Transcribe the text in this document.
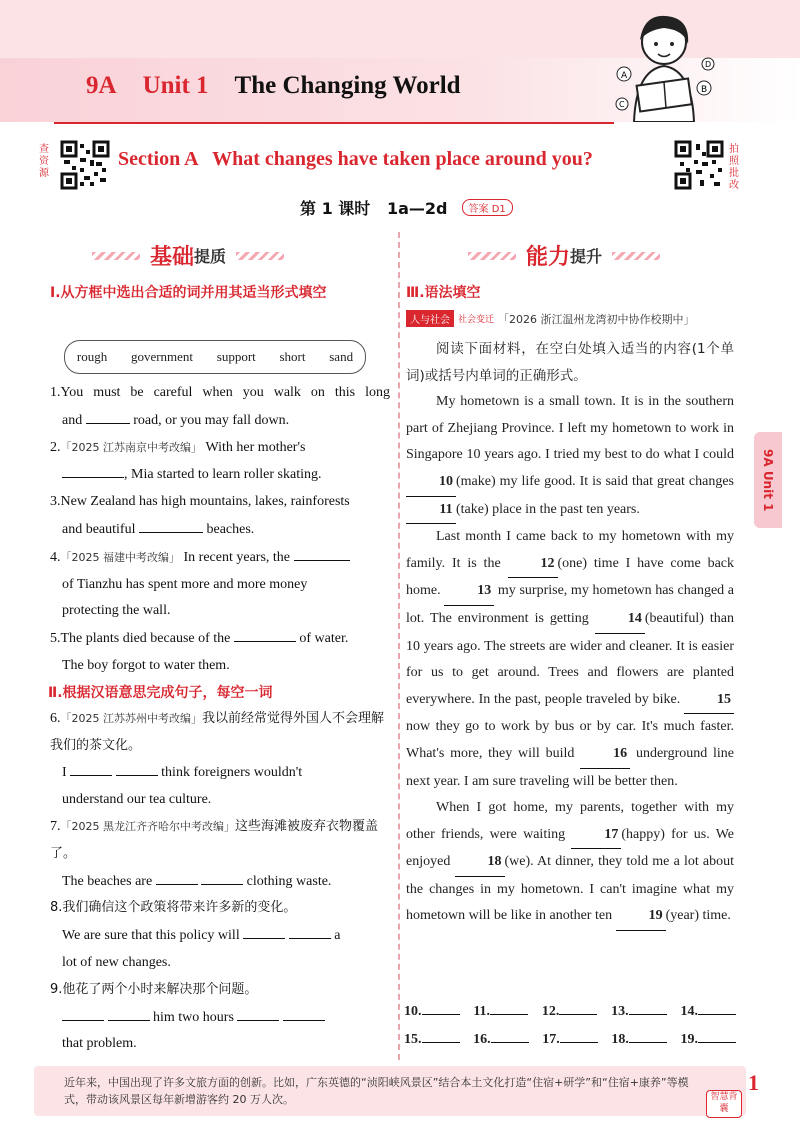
9A Unit 1 The Changing World	A
B
D
C
查资源
Section A   What changes have taken place around you?	拍照批改
第 1 课时   1a—2d	答案 D1
基础 提质
Ⅰ.从方框中选出合适的词并用其适当形式填空
rough government support short sand
1.You must be careful when you walk on this long
and	road, or you may fall down.
2.「2025 江苏南京中考改编」 With her mother's
, Mia started to learn roller skating.
3.New Zealand has high mountains, lakes, rainforests
and beautiful	beaches.
4.「2025 福建中考改编」 In recent years, the
of Tianzhu has spent more and more money
protecting the wall.
5.The plants died because of the	of water.
The boy forgot to water them.
Ⅱ.根据汉语意思完成句子，每空一词
6.「2025 江苏苏州中考改编」我以前经常觉得外国人不会理解我们的茶文化。
I	think foreigners wouldn't
understand our tea culture.
7.「2025 黑龙江齐齐哈尔中考改编」这些海滩被废弃衣物覆盖了。
The beaches are	clothing waste.
8.我们确信这个政策将带来许多新的变化。
We are sure that this policy will	a
lot of new changes.
9.他花了两个小时来解决那个问题。
him two hours
that problem.
能力 提升
Ⅲ.语法填空
人与社会 社会变迁 「2026 浙江温州龙湾初中协作校期中」

阅读下面材料，在空白处填入适当的内容(1个单词)或括号内单词的正确形式。

My hometown is a small town. It is in the southern part of Zhejiang Province. I left my hometown to work in Singapore 10 years ago. I tried my best to do what I could 10 (make) my life good. It is said that great changes 11 (take) place in the past ten years.

Last month I came back to my hometown with my family. It is the	12 (one) time I have come back home.	13 my surprise, my hometown has changed a lot. The environment is getting	14 (beautiful) than 10 years ago. The streets are wider and cleaner. It is easier for us to get around. Trees and flowers are planted everywhere. In the past, people traveled by bike.	15 now they go to work by bus or by car. It's much faster. What's more, they will build	16 underground line next year. I am sure traveling will be better then.

When I got home, my parents, together with my other friends, were waiting	17 (happy) for us. We enjoyed	18 (we). At dinner, they told me a lot about the changes in my hometown. I can't imagine what my hometown will be like in another ten	19 (year) time.

10.	11.	12.	13.	14.
15.	16.	17.	18.	19.
9A Unit 1
近年来，中国出现了许多文旅方面的创新。比如，广东英德的“浈阳峡风景区”结合本土文化打造“住宿+研学”和“住宿+康养”等模式，带动该风景区每年新增游客约 20 万人次。	智慧背囊
1
